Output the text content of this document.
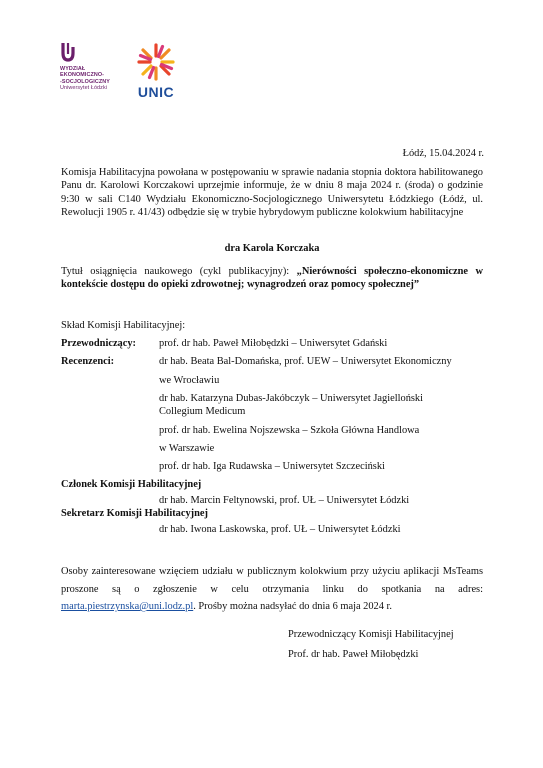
WYDZIAŁ
EKONOMICZNO-
-SOCJOLOGICZNY
Uniwersytet Łódzki	UNIC
Łódź, 15.04.2024 r.
Komisja Habilitacyjna powołana w postępowaniu w sprawie nadania stopnia doktora habilitowanego Panu dr. Karolowi Korczakowi uprzejmie informuje, że w dniu 8 maja 2024 r. (środa) o godzinie 9:30 w sali C140 Wydziału Ekonomiczno-Socjologicznego Uniwersytetu Łódzkiego (Łódź, ul. Rewolucji 1905 r. 41/43) odbędzie się w trybie hybrydowym publiczne kolokwium habilitacyjne
dra Karola Korczaka
Tytuł osiągnięcia naukowego (cykl publikacyjny): „Nierówności społeczno-ekonomiczne w kontekście dostępu do opieki zdrowotnej; wynagrodzeń oraz pomocy społecznej”
Skład Komisji Habilitacyjnej:
Przewodniczący: prof. dr hab. Paweł Miłobędzki – Uniwersytet Gdański
Recenzenci:	dr hab. Beata Bal-Domańska, prof. UEW – Uniwersytet Ekonomiczny
we Wrocławiu
dr hab. Katarzyna Dubas-Jakóbczyk – Uniwersytet Jagielloński
Collegium Medicum
prof. dr hab. Ewelina Nojszewska – Szkoła Główna Handlowa
w Warszawie
prof. dr hab. Iga Rudawska – Uniwersytet Szczeciński
Członek Komisji Habilitacyjnej
dr hab. Marcin Feltynowski, prof. UŁ – Uniwersytet Łódzki
Sekretarz Komisji Habilitacyjnej
dr hab. Iwona Laskowska, prof. UŁ – Uniwersytet Łódzki
Osoby zainteresowane wzięciem udziału w publicznym kolokwium przy użyciu aplikacji MsTeams proszone są o zgłoszenie w celu otrzymania linku do spotkania na adres: marta.piestrzynska@uni.lodz.pl. Prośby można nadsyłać do dnia 6 maja 2024 r.
Przewodniczący Komisji Habilitacyjnej
Prof. dr hab. Paweł Miłobędzki
